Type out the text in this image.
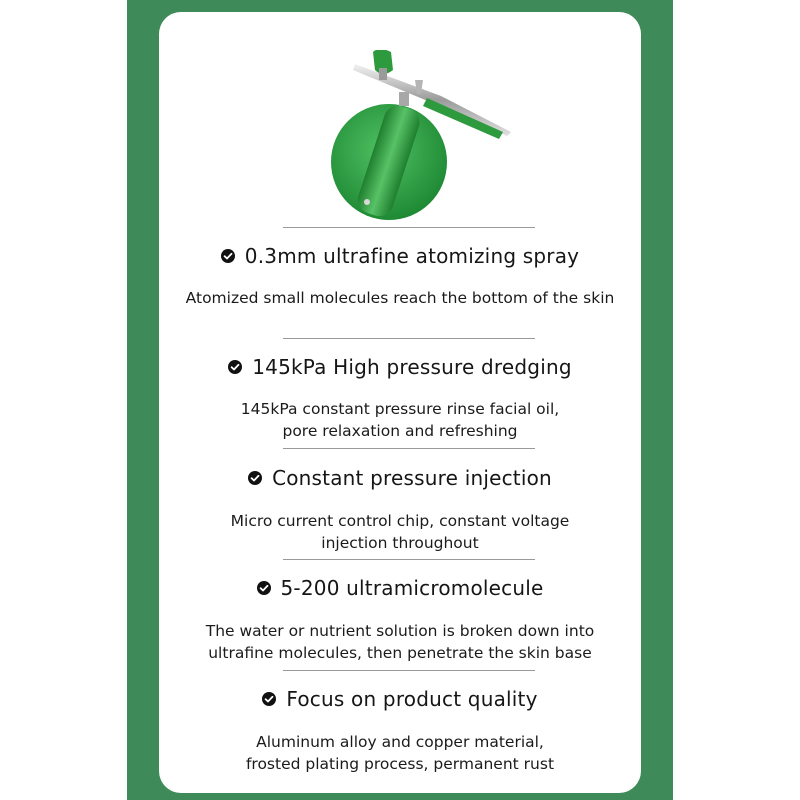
0.3mm ultrafine atomizing spray
Atomized small molecules reach the bottom of the skin
145kPa High pressure dredging
145kPa constant pressure rinse facial oil,
pore relaxation and refreshing
Constant pressure injection
Micro current control chip, constant voltage
injection throughout
5-200 ultramicromolecule
The water or nutrient solution is broken down into
ultrafine molecules, then penetrate the skin base
Focus on product quality
Aluminum alloy and copper material,
frosted plating process, permanent rust
